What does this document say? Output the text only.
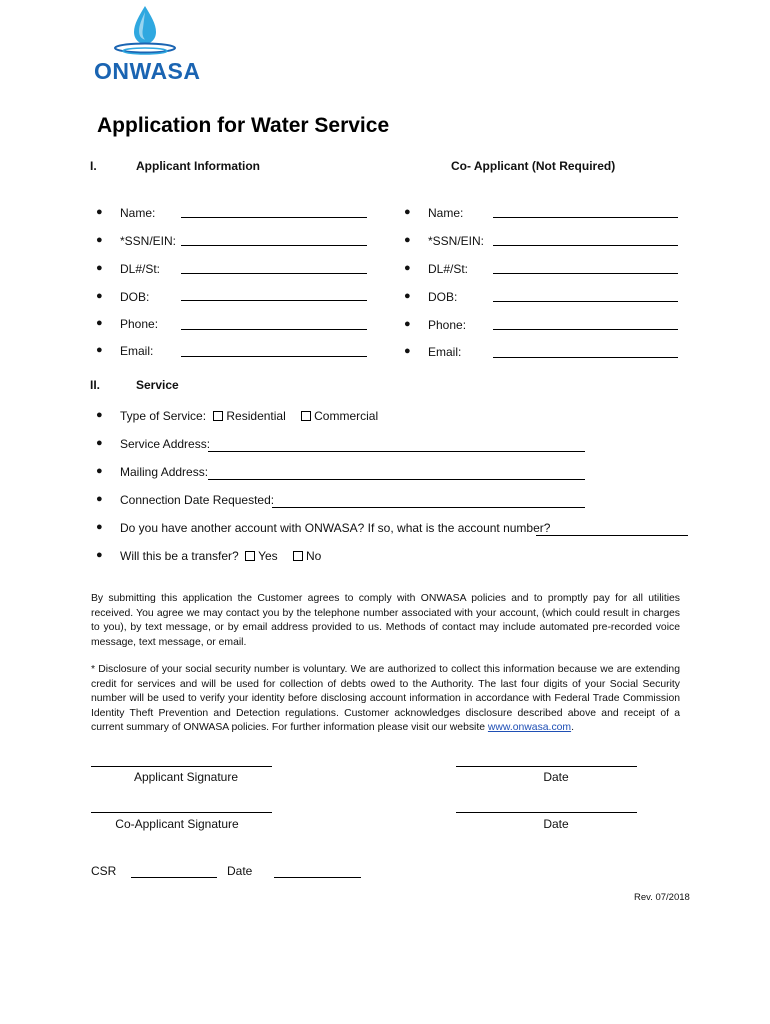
ONWASA
Application for Water Service
I.	Applicant Information	Co- Applicant (Not Required)
● Name:
● *SSN/EIN:
● DL#/St:
● DOB:
● Phone:
● Email:
● Name:
● *SSN/EIN:
● DL#/St:
● DOB:
● Phone:
● Email:
II.	Service
● Type of Service: Residential Commercial
● Service Address:
● Mailing Address:
● Connection Date Requested:
● Do you have another account with ONWASA? If so, what is the account number?
● Will this be a transfer? Yes No
By submitting this application the Customer agrees to comply with ONWASA policies and to promptly pay for all utilities received. You agree we may contact you by the telephone number associated with your account, (which could result in charges to you), by text message, or by email address provided to us. Methods of contact may include automated pre-recorded voice message, text message, or email.
* Disclosure of your social security number is voluntary. We are authorized to collect this information because we are extending credit for services and will be used for collection of debts owed to the Authority. The last four digits of your Social Security number will be used to verify your identity before disclosing account information in accordance with Federal Trade Commission Identity Theft Prevention and Detection regulations. Customer acknowledges disclosure described above and receipt of a current summary of ONWASA policies. For further information please visit our website www.onwasa.com.
Applicant Signature	Date
Co-Applicant Signature	Date
CSR	Date
Rev. 07/2018
